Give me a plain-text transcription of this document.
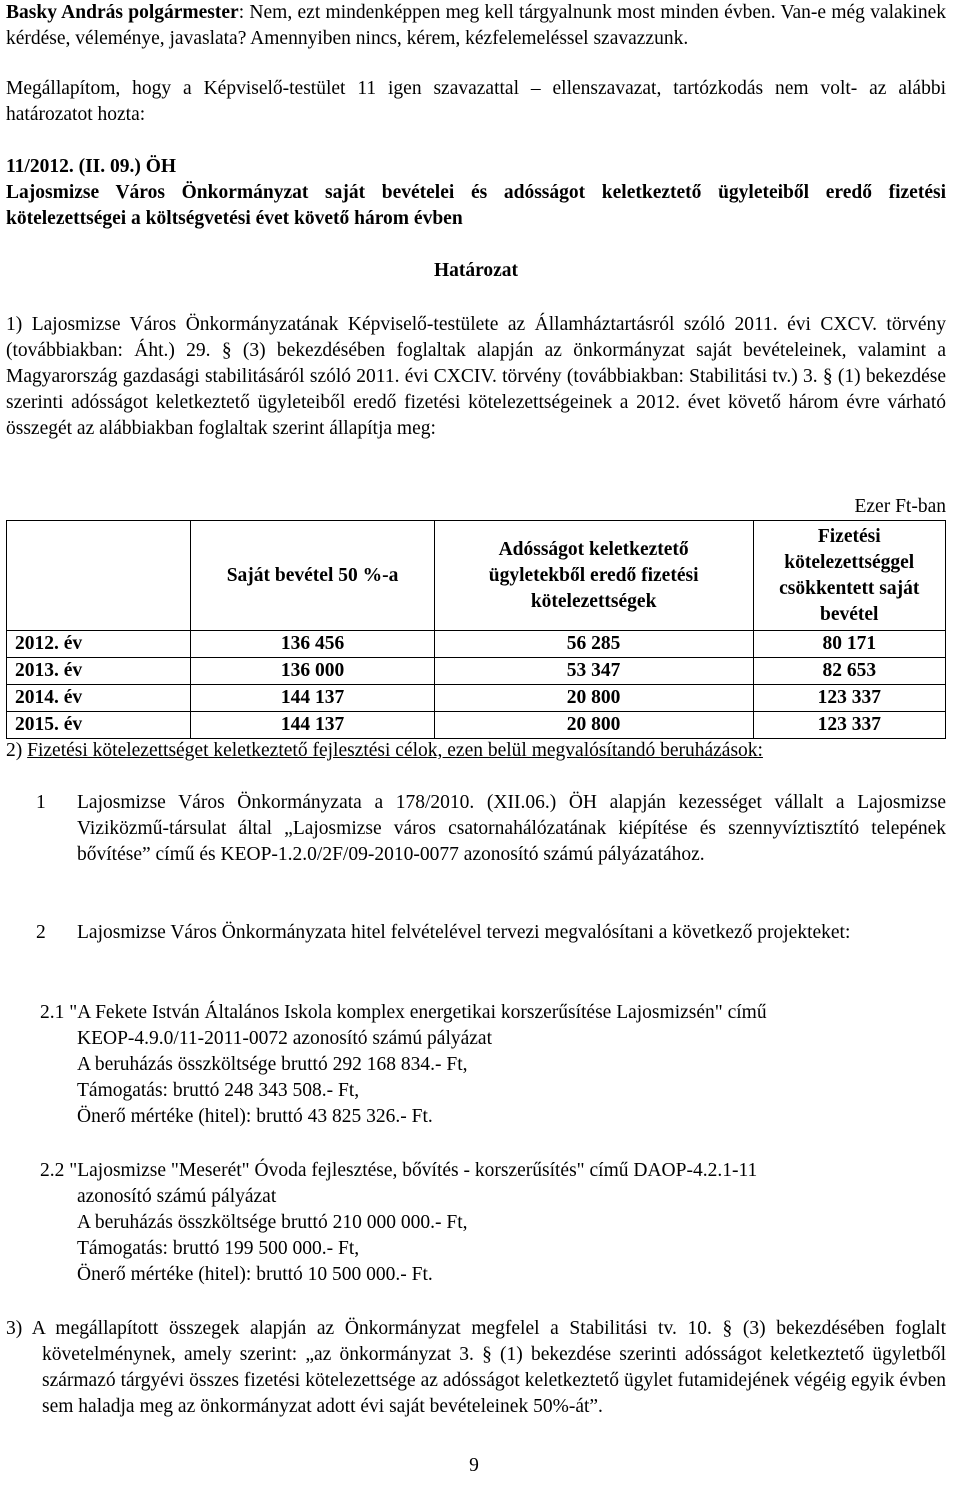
Basky András polgármester: Nem, ezt mindenképpen meg kell tárgyalnunk most minden évben. Van-e még valakinek kérdése, véleménye, javaslata? Amennyiben nincs, kérem, kézfelemeléssel szavazzunk.

Megállapítom, hogy a Képviselő-testület 11 igen szavazattal – ellenszavazat, tartózkodás nem volt- az alábbi határozatot hozta:

11/2012. (II. 09.) ÖH

Lajosmizse Város Önkormányzat saját bevételei és adósságot keletkeztető ügyleteiből eredő fizetési kötelezettségei a költségvetési évet követő három évben

Határozat

1) Lajosmizse Város Önkormányzatának Képviselő-testülete az Államháztartásról szóló 2011. évi CXCV. törvény (továbbiakban: Áht.) 29. § (3) bekezdésében foglaltak alapján az önkormányzat saját bevételeinek, valamint a Magyarország gazdasági stabilitásáról szóló 2011. évi CXCIV. törvény (továbbiakban: Stabilitási tv.) 3. § (1) bekezdése szerinti adósságot keletkeztető ügyleteiből eredő fizetési kötelezettségeinek a 2012. évet követő három évre várható összegét az alábbiakban foglaltak szerint állapítja meg:

Ezer Ft-ban

	Saját bevétel 50 %-a	Adósságot keletkeztető ügyletekből eredő fizetési kötelezettségek	Fizetési kötelezettséggel csökkentett saját bevétel
2012. év	136 456	56 285	80 171
2013. év	136 000	53 347	82 653
2014. év	144 137	20 800	123 337
2015. év	144 137	20 800	123 337

2) Fizetési kötelezettséget keletkeztető fejlesztési célok, ezen belül megvalósítandó beruházások:

1 Lajosmizse Város Önkormányzata a 178/2010. (XII.06.) ÖH alapján kezességet vállalt a Lajosmizse Viziközmű-társulat által „Lajosmizse város csatornahálózatának kiépítése és szennyvíztisztító telepének bővítése” című és KEOP-1.2.0/2F/09-2010-0077 azonosító számú pályázatához.

2 Lajosmizse Város Önkormányzata hitel felvételével tervezi megvalósítani a következő projekteket:

2.1 "A Fekete István Általános Iskola komplex energetikai korszerűsítése Lajosmizsén" című

KEOP-4.9.0/11-2011-0072 azonosító számú pályázat

A beruházás összköltsége bruttó 292 168 834.- Ft,

Támogatás: bruttó 248 343 508.- Ft,

Önerő mértéke (hitel): bruttó 43 825 326.- Ft.

2.2 "Lajosmizse "Meserét" Óvoda fejlesztése, bővítés - korszerűsítés" című DAOP-4.2.1-11

azonosító számú pályázat

A beruházás összköltsége bruttó 210 000 000.- Ft,

Támogatás: bruttó 199 500 000.- Ft,

Önerő mértéke (hitel): bruttó 10 500 000.- Ft.

3) A megállapított összegek alapján az Önkormányzat megfelel a Stabilitási tv. 10. § (3) bekezdésében foglalt követelménynek, amely szerint: „az önkormányzat 3. § (1) bekezdése szerinti adósságot keletkeztető ügyletből származó tárgyévi összes fizetési kötelezettsége az adósságot keletkeztető ügylet futamidejének végéig egyik évben sem haladja meg az önkormányzat adott évi saját bevételeinek 50%-át”.

9
